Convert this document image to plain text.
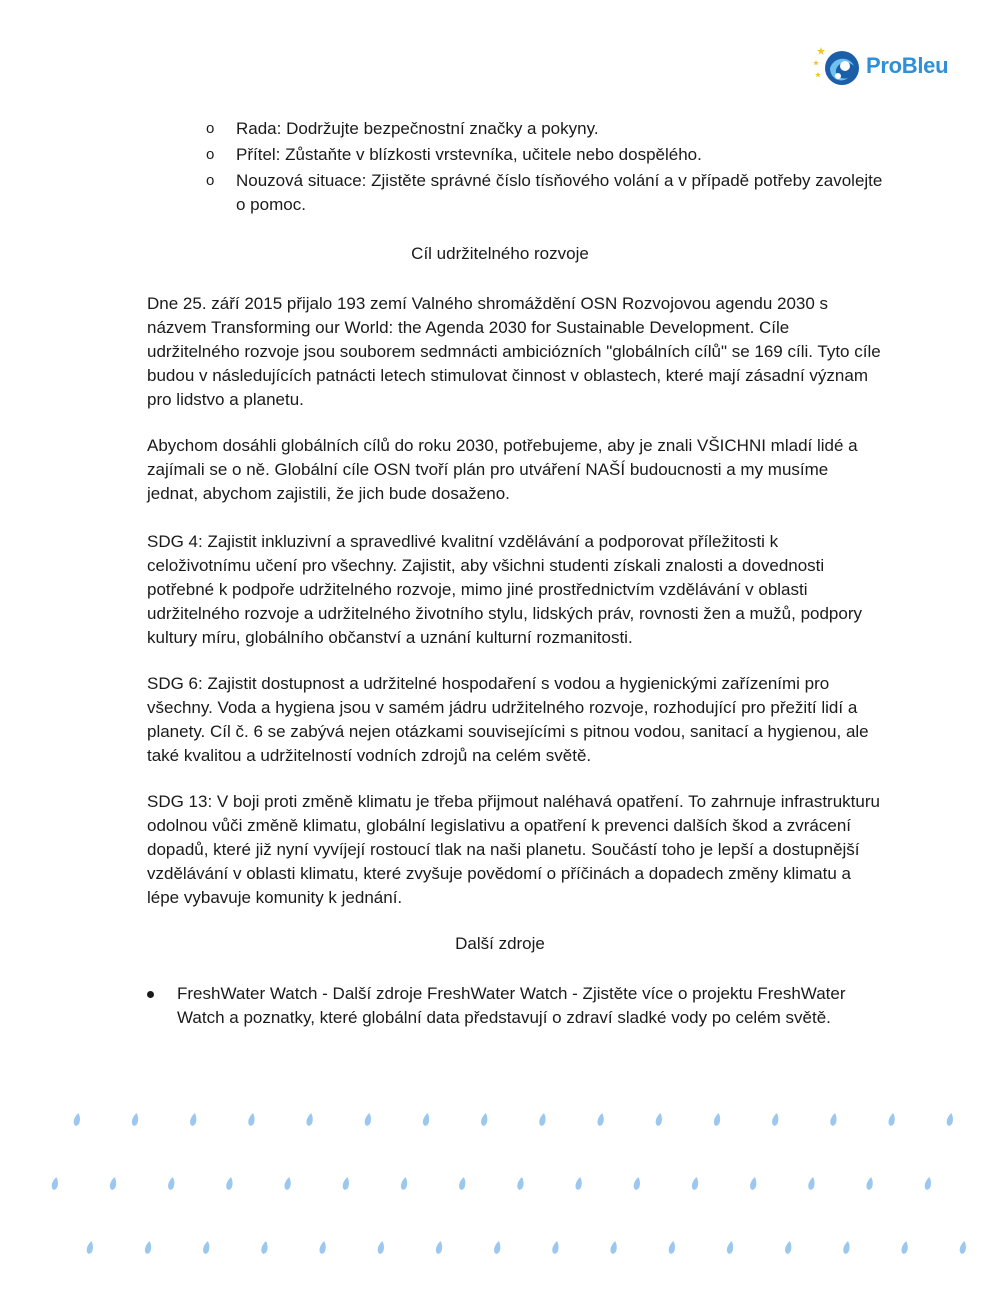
ProBleu
o	Rada: Dodržujte bezpečnostní značky a pokyny.
o	Přítel: Zůstaňte v blízkosti vrstevníka, učitele nebo dospělého.
o	Nouzová situace: Zjistěte správné číslo tísňového volání a v případě potřeby zavolejte o pomoc.
Cíl udržitelného rozvoje

Dne 25. září 2015 přijalo 193 zemí Valného shromáždění OSN Rozvojovou agendu 2030 s názvem Transforming our World: the Agenda 2030 for Sustainable Development. Cíle udržitelného rozvoje jsou souborem sedmnácti ambiciózních "globálních cílů" se 169 cíli. Tyto cíle budou v následujících patnácti letech stimulovat činnost v oblastech, které mají zásadní význam pro lidstvo a planetu.

Abychom dosáhli globálních cílů do roku 2030, potřebujeme, aby je znali VŠICHNI mladí lidé a zajímali se o ně. Globální cíle OSN tvoří plán pro utváření NAŠÍ budoucnosti a my musíme jednat, abychom zajistili, že jich bude dosaženo.

SDG 4: Zajistit inkluzivní a spravedlivé kvalitní vzdělávání a podporovat příležitosti k celoživotnímu učení pro všechny. Zajistit, aby všichni studenti získali znalosti a dovednosti potřebné k podpoře udržitelného rozvoje, mimo jiné prostřednictvím vzdělávání v oblasti udržitelného rozvoje a udržitelného životního stylu, lidských práv, rovnosti žen a mužů, podpory kultury míru, globálního občanství a uznání kulturní rozmanitosti.

SDG 6: Zajistit dostupnost a udržitelné hospodaření s vodou a hygienickými zařízeními pro všechny. Voda a hygiena jsou v samém jádru udržitelného rozvoje, rozhodující pro přežití lidí a planety. Cíl č. 6 se zabývá nejen otázkami souvisejícími s pitnou vodou, sanitací a hygienou, ale také kvalitou a udržitelností vodních zdrojů na celém světě.

SDG 13: V boji proti změně klimatu je třeba přijmout naléhavá opatření. To zahrnuje infrastrukturu odolnou vůči změně klimatu, globální legislativu a opatření k prevenci dalších škod a zvrácení dopadů, které již nyní vyvíjejí rostoucí tlak na naši planetu. Součástí toho je lepší a dostupnější vzdělávání v oblasti klimatu, které zvyšuje povědomí o příčinách a dopadech změny klimatu a lépe vybavuje komunity k jednání.

Další zdroje
FreshWater Watch - Další zdroje FreshWater Watch - Zjistěte více o projektu FreshWater Watch a poznatky, které globální data představují o zdraví sladké vody po celém světě.
